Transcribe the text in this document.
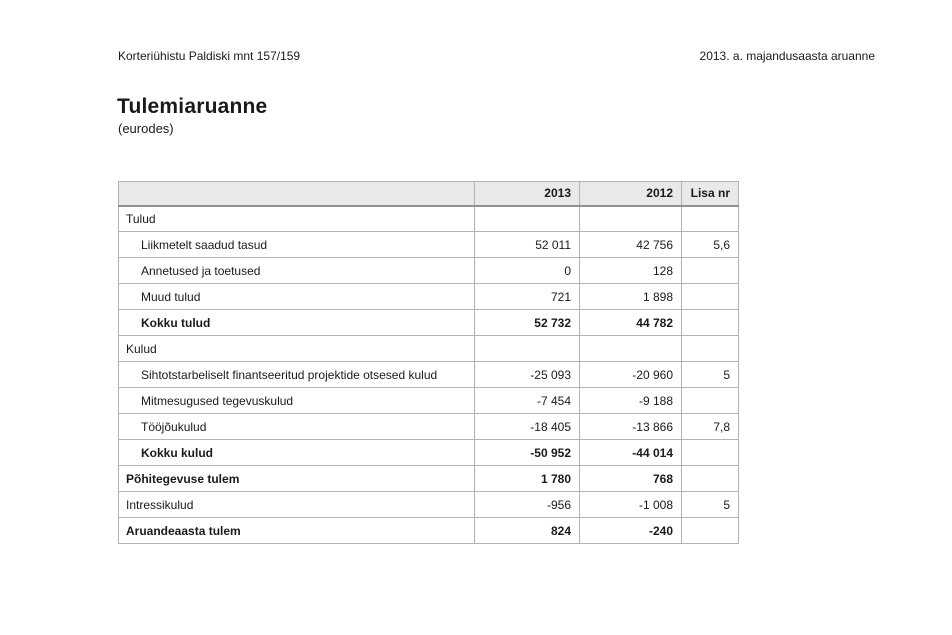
Korteriühistu Paldiski mnt 157/159	2013. a. majandusaasta aruanne
Tulemiaruanne
(eurodes)
	2013	2012	Lisa nr
Tulud			
Liikmetelt saadud tasud	52 011	42 756	5,6
Annetused ja toetused	0	128	
Muud tulud	721	1 898	
Kokku tulud	52 732	44 782	
Kulud			
Sihtotstarbeliselt finantseeritud projektide otsesed kulud	-25 093	-20 960	5
Mitmesugused tegevuskulud	-7 454	-9 188	
Tööjõukulud	-18 405	-13 866	7,8
Kokku kulud	-50 952	-44 014	
Põhitegevuse tulem	1 780	768	
Intressikulud	-956	-1 008	5
Aruandeaasta tulem	824	-240	
